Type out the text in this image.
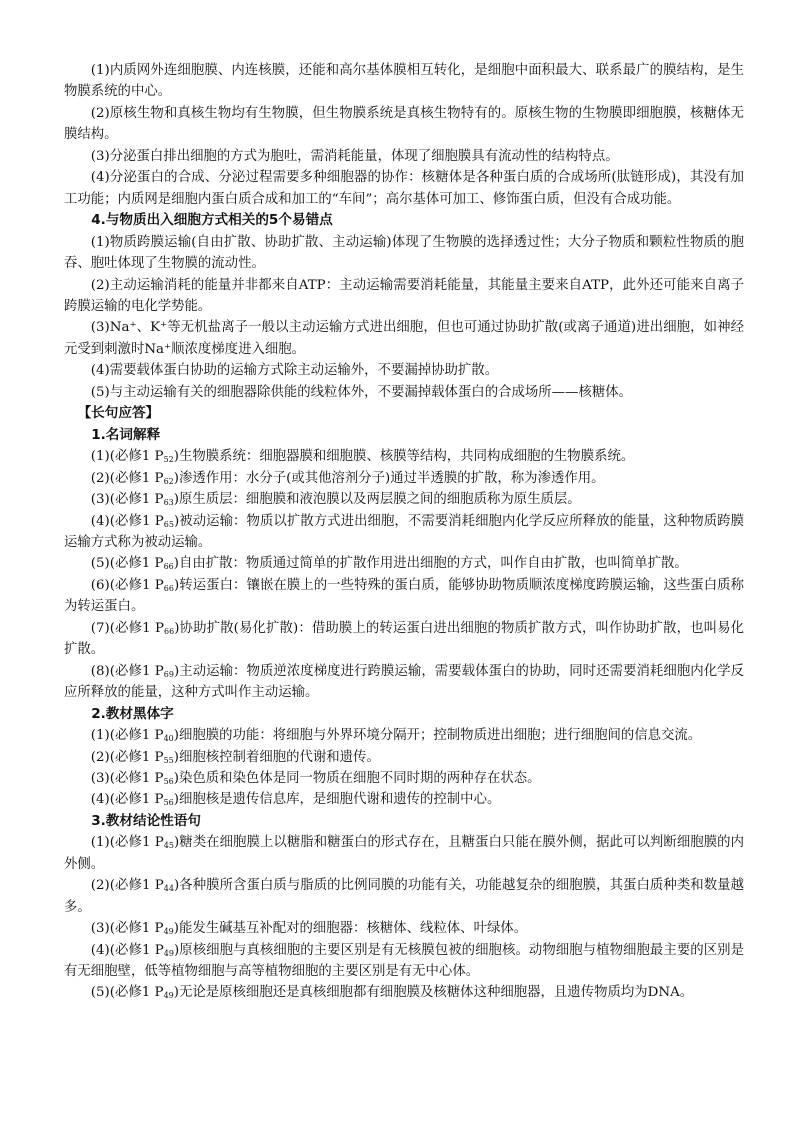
(1)内质网外连细胞膜、内连核膜，还能和高尔基体膜相互转化，是细胞中面积最大、联系最广的膜结构，是生物膜系统的中心。

(2)原核生物和真核生物均有生物膜，但生物膜系统是真核生物特有的。原核生物的生物膜即细胞膜，核糖体无膜结构。

(3)分泌蛋白排出细胞的方式为胞吐，需消耗能量，体现了细胞膜具有流动性的结构特点。

(4)分泌蛋白的合成、分泌过程需要多种细胞器的协作：核糖体是各种蛋白质的合成场所(肽链形成)，其没有加工功能；内质网是细胞内蛋白质合成和加工的“车间”；高尔基体可加工、修饰蛋白质，但没有合成功能。

4.与物质出入细胞方式相关的5个易错点

(1)物质跨膜运输(自由扩散、协助扩散、主动运输)体现了生物膜的选择透过性；大分子物质和颗粒性物质的胞吞、胞吐体现了生物膜的流动性。

(2)主动运输消耗的能量并非都来自ATP：主动运输需要消耗能量，其能量主要来自ATP，此外还可能来自离子跨膜运输的电化学势能。

(3)Na⁺、K⁺等无机盐离子一般以主动运输方式进出细胞，但也可通过协助扩散(或离子通道)进出细胞，如神经元受到刺激时Na⁺顺浓度梯度进入细胞。

(4)需要载体蛋白协助的运输方式除主动运输外，不要漏掉协助扩散。

(5)与主动运输有关的细胞器除供能的线粒体外，不要漏掉载体蛋白的合成场所——核糖体。

【长句应答】

1.名词解释

(1)(必修1 $P_{52}$)生物膜系统：细胞器膜和细胞膜、核膜等结构，共同构成细胞的生物膜系统。

(2)(必修1 $P_{62}$)渗透作用：水分子(或其他溶剂分子)通过半透膜的扩散，称为渗透作用。

(3)(必修1 $P_{63}$)原生质层：细胞膜和液泡膜以及两层膜之间的细胞质称为原生质层。

(4)(必修1 $P_{65}$)被动运输：物质以扩散方式进出细胞，不需要消耗细胞内化学反应所释放的能量，这种物质跨膜运输方式称为被动运输。

(5)(必修1 $P_{66}$)自由扩散：物质通过简单的扩散作用进出细胞的方式，叫作自由扩散，也叫简单扩散。

(6)(必修1 $P_{66}$)转运蛋白：镶嵌在膜上的一些特殊的蛋白质，能够协助物质顺浓度梯度跨膜运输，这些蛋白质称为转运蛋白。

(7)(必修1 $P_{66}$)协助扩散(易化扩散)：借助膜上的转运蛋白进出细胞的物质扩散方式，叫作协助扩散，也叫易化扩散。

(8)(必修1 $P_{69}$)主动运输：物质逆浓度梯度进行跨膜运输，需要载体蛋白的协助，同时还需要消耗细胞内化学反应所释放的能量，这种方式叫作主动运输。

2.教材黑体字

(1)(必修1 $P_{40}$)细胞膜的功能：将细胞与外界环境分隔开；控制物质进出细胞；进行细胞间的信息交流。

(2)(必修1 $P_{55}$)细胞核控制着细胞的代谢和遗传。

(3)(必修1 $P_{56}$)染色质和染色体是同一物质在细胞不同时期的两种存在状态。

(4)(必修1 $P_{56}$)细胞核是遗传信息库，是细胞代谢和遗传的控制中心。

3.教材结论性语句

(1)(必修1 $P_{45}$)糖类在细胞膜上以糖脂和糖蛋白的形式存在，且糖蛋白只能在膜外侧，据此可以判断细胞膜的内外侧。

(2)(必修1 $P_{44}$)各种膜所含蛋白质与脂质的比例同膜的功能有关，功能越复杂的细胞膜，其蛋白质种类和数量越多。

(3)(必修1 $P_{49}$)能发生碱基互补配对的细胞器：核糖体、线粒体、叶绿体。

(4)(必修1 $P_{49}$)原核细胞与真核细胞的主要区别是有无核膜包被的细胞核。动物细胞与植物细胞最主要的区别是有无细胞壁，低等植物细胞与高等植物细胞的主要区别是有无中心体。

(5)(必修1 $P_{49}$)无论是原核细胞还是真核细胞都有细胞膜及核糖体这种细胞器，且遗传物质均为DNA。
